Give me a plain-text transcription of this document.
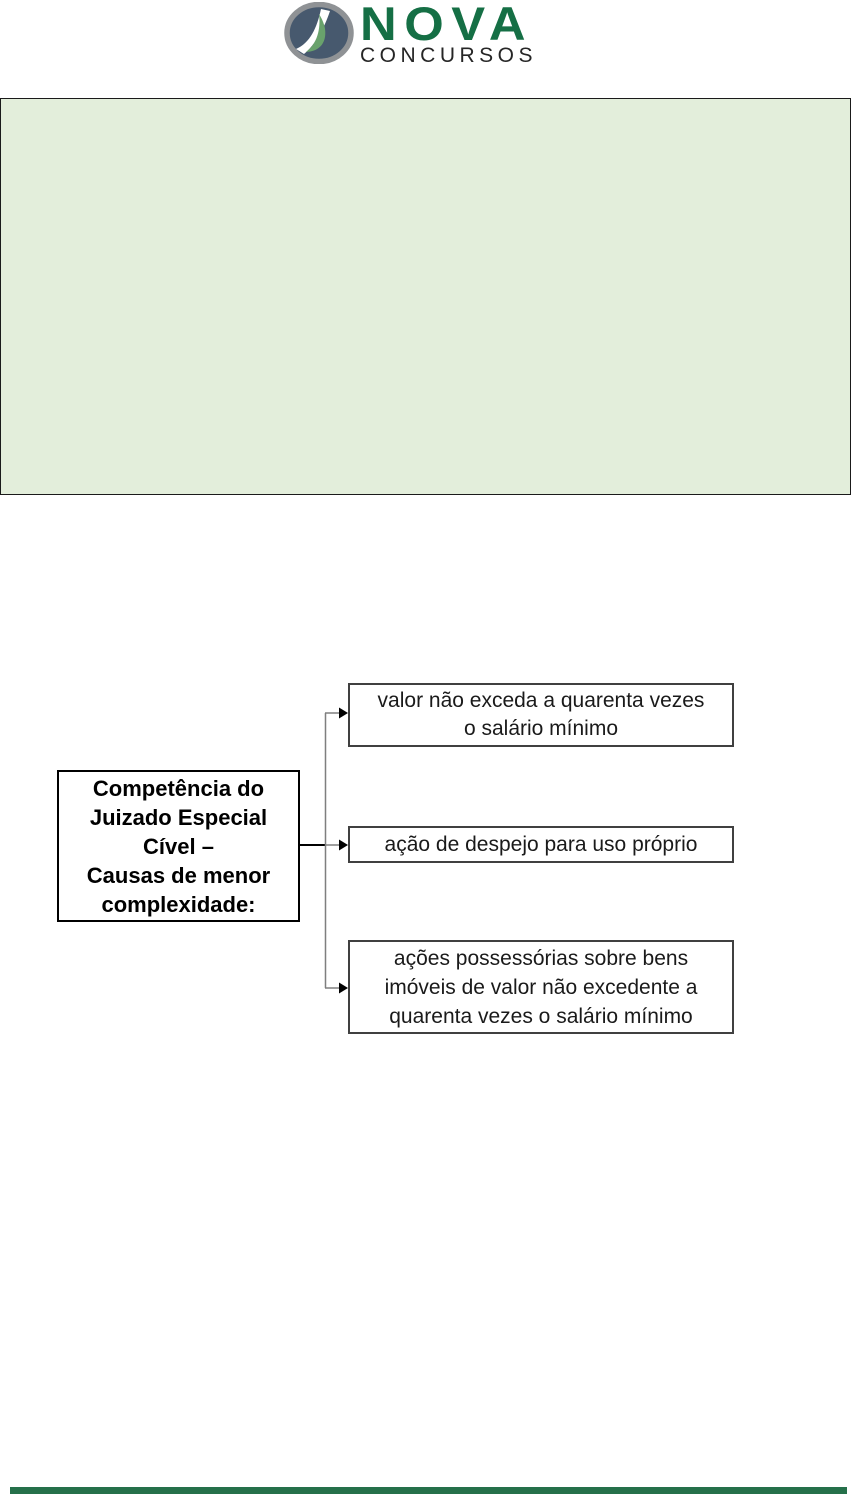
NOVA
CONCURSOS
Competência do
Juizado Especial
Cível –
Causas de menor
complexidade:
valor não exceda a quarenta vezes
o salário mínimo
ação de despejo para uso próprio
ações possessórias sobre bens
imóveis de valor não excedente a
quarenta vezes o salário mínimo
